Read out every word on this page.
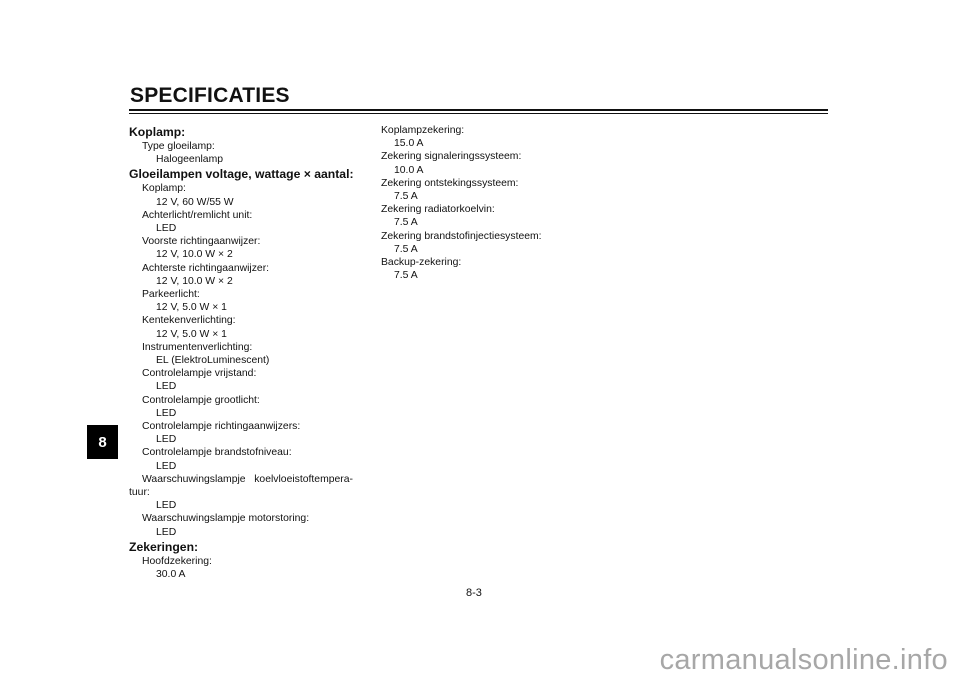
SPECIFICATIES
8
Koplamp:
Type gloeilamp:
Halogeenlamp
Gloeilampen voltage, wattage × aantal:
Koplamp:
12 V, 60 W/55 W
Achterlicht/remlicht unit:
LED
Voorste richtingaanwijzer:
12 V, 10.0 W × 2
Achterste richtingaanwijzer:
12 V, 10.0 W × 2
Parkeerlicht:
12 V, 5.0 W × 1
Kentekenverlichting:
12 V, 5.0 W × 1
Instrumentenverlichting:
EL (ElektroLuminescent)
Controlelampje vrijstand:
LED
Controlelampje grootlicht:
LED
Controlelampje richtingaanwijzers:
LED
Controlelampje brandstofniveau:
LED
Waarschuwingslampje   koelvloeistoftempera-
tuur:
LED
Waarschuwingslampje motorstoring:
LED
Zekeringen:
Hoofdzekering:
30.0 A
Koplampzekering:
15.0 A
Zekering signaleringssysteem:
10.0 A
Zekering ontstekingssysteem:
7.5 A
Zekering radiatorkoelvin:
7.5 A
Zekering brandstofinjectiesysteem:
7.5 A
Backup-zekering:
7.5 A
8-3
carmanualsonline.info
